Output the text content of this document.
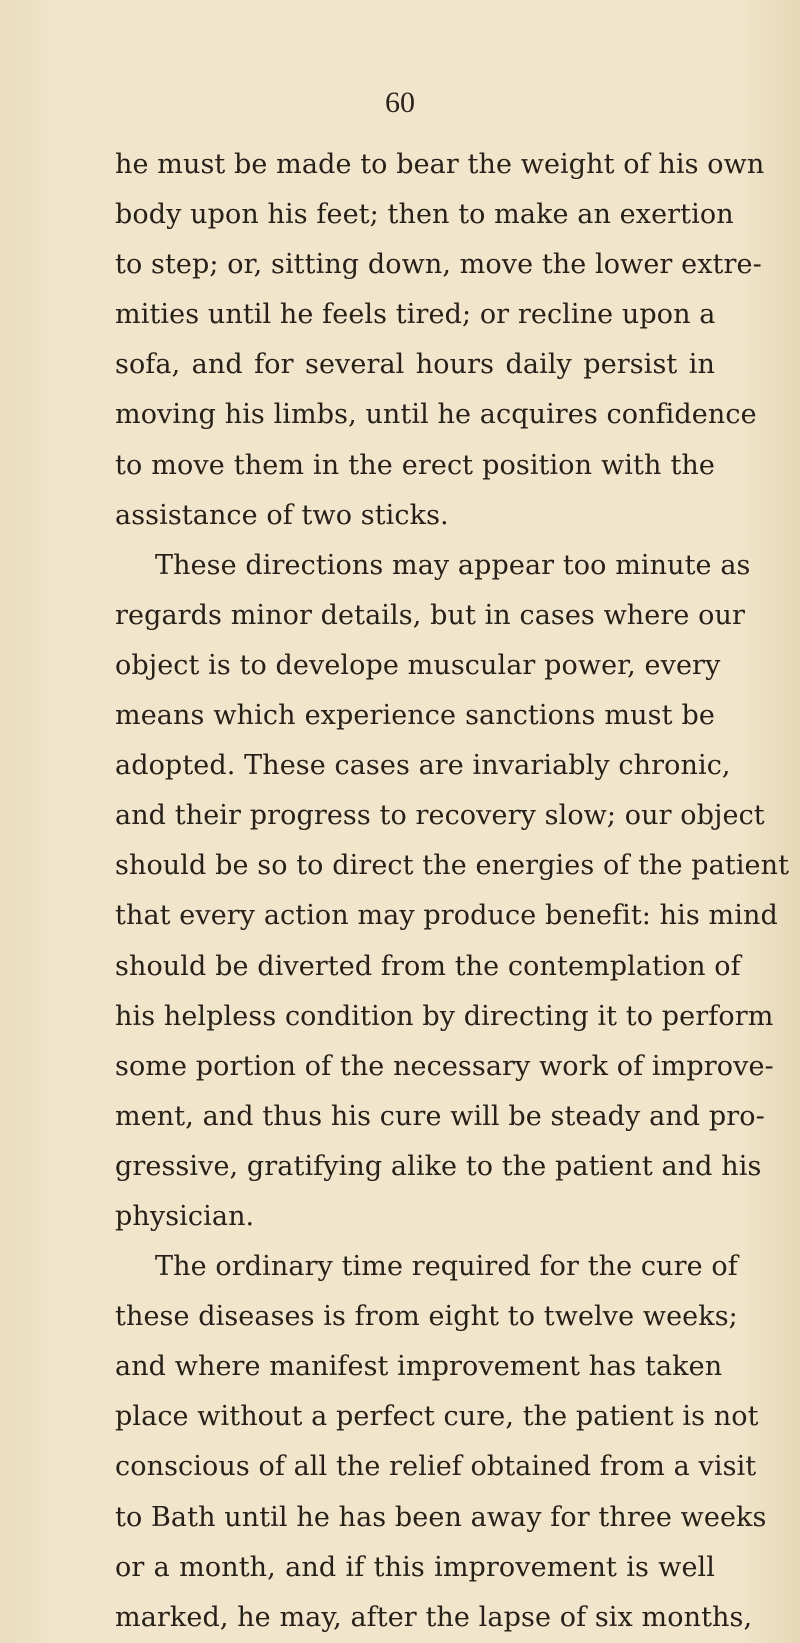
60
he must be made to bear the weight of his own
body upon his feet; then to make an exertion
to step; or, sitting down, move the lower extre-
mities until he feels tired; or recline upon a
sofa, and for several hours daily persist in
moving his limbs, until he acquires confidence
to move them in the erect position with the
assistance of two sticks.
These directions may appear too minute as
regards minor details, but in cases where our
object is to develope muscular power, every
means which experience sanctions must be
adopted. These cases are invariably chronic,
and their progress to recovery slow; our object
should be so to direct the energies of the patient
that every action may produce benefit: his mind
should be diverted from the contemplation of
his helpless condition by directing it to perform
some portion of the necessary work of improve-
ment, and thus his cure will be steady and pro-
gressive, gratifying alike to the patient and his
physician.
The ordinary time required for the cure of
these diseases is from eight to twelve weeks;
and where manifest improvement has taken
place without a perfect cure, the patient is not
conscious of all the relief obtained from a visit
to Bath until he has been away for three weeks
or a month, and if this improvement is well
marked, he may, after the lapse of six months,
